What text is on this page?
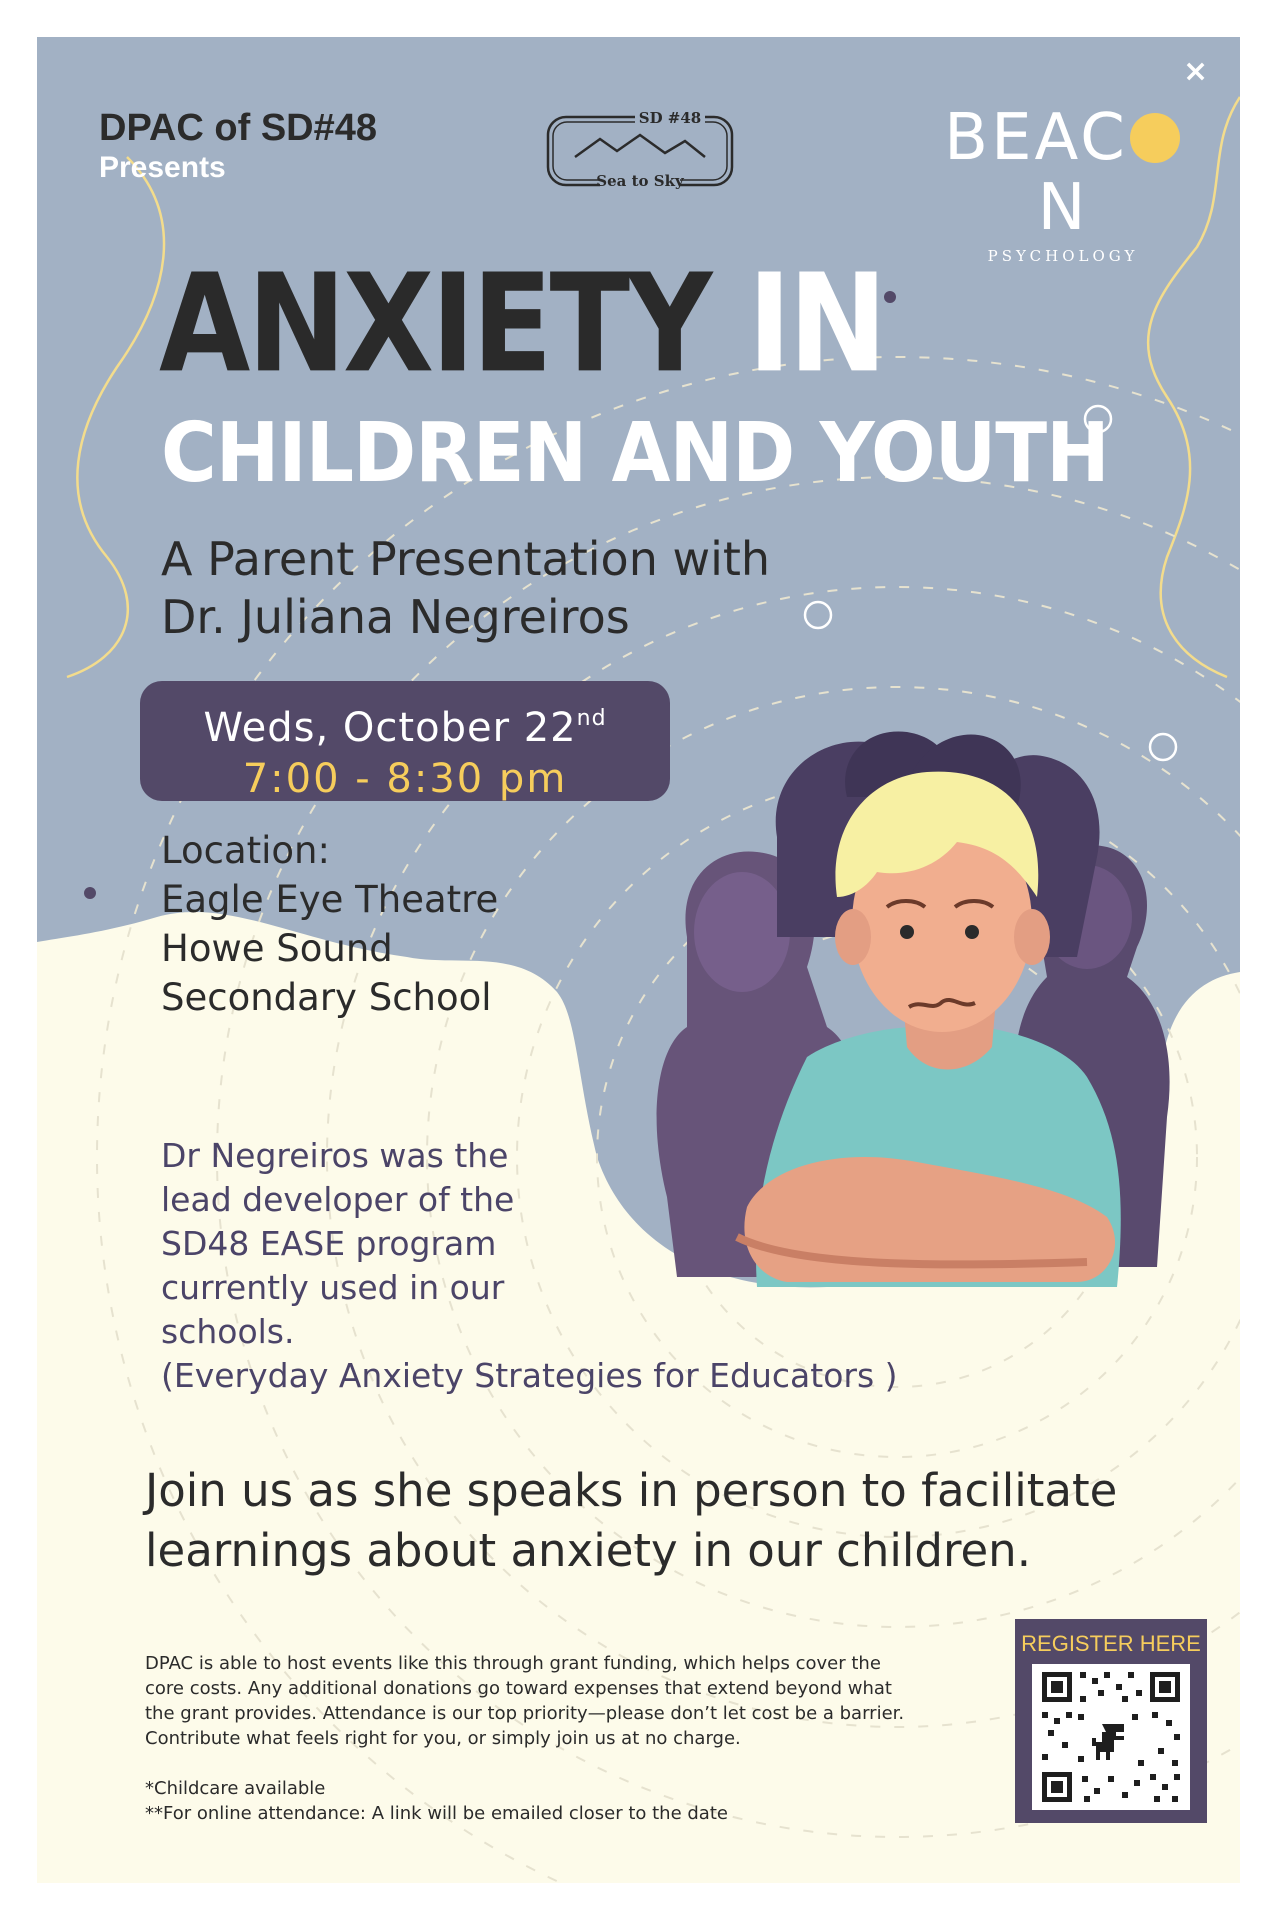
×
DPAC of SD#48
Presents
SD #48
Sea to Sky
BEACN
PSYCHOLOGY
ANXIETY IN
CHILDREN AND YOUTH
A Parent Presentation with
Dr. Juliana Negreiros
Weds, October 22nd
7:00 - 8:30 pm
Location:
Eagle Eye Theatre
Howe Sound
Secondary School
Dr Negreiros was the
lead developer of the
SD48 EASE program
currently used in our
schools.
(Everyday Anxiety Strategies for Educators )
Join us as she speaks in person to facilitate
learnings about anxiety in our children.

DPAC is able to host events like this through grant funding, which helps cover the

core costs. Any additional donations go toward expenses that extend beyond what

the grant provides. Attendance is our top priority—please don’t let cost be a barrier.

Contribute what feels right for you, or simply join us at no charge.

*Childcare available

**For online attendance: A link will be emailed closer to the date

REGISTER HERE
